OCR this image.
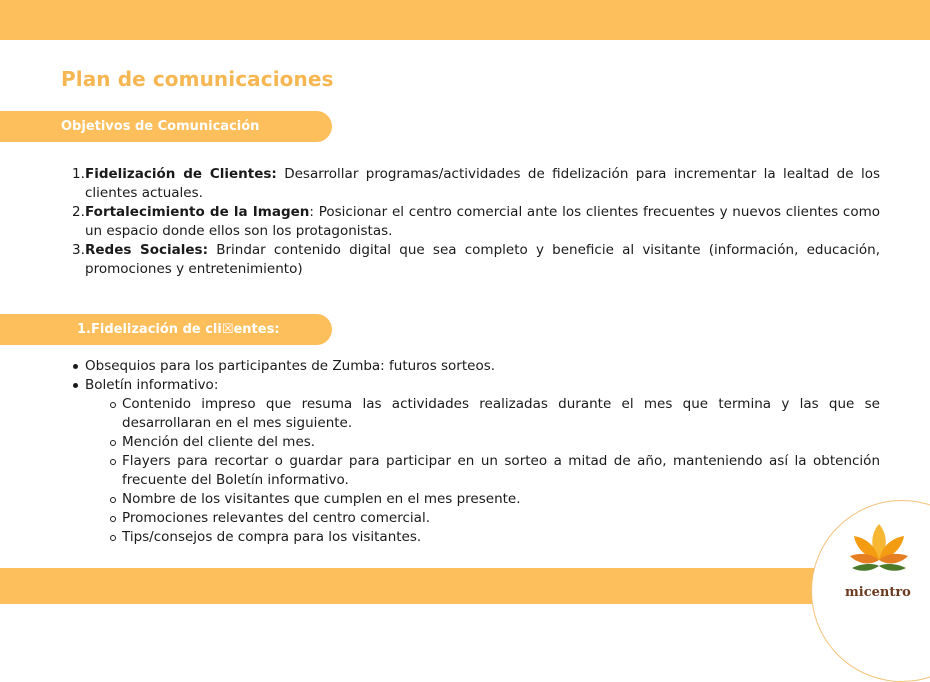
Plan de comunicaciones
Objetivos de Comunicación
1. Fidelización de Clientes: Desarrollar programas/actividades de fidelización para incrementar la lealtad de los clientes actuales.
2. Fortalecimiento de la Imagen: Posicionar el centro comercial ante los clientes frecuentes y nuevos clientes como un espacio donde ellos son los protagonistas.
3. Redes Sociales: Brindar contenido digital que sea completo y beneficie al visitante (información, educación, promociones y entretenimiento)
1.Fidelización de cli☒entes:
Obsequios para los participantes de Zumba: futuros sorteos.
Boletín informativo:
Contenido impreso que resuma las actividades realizadas durante el mes que termina y las que se desarrollaran en el mes siguiente.
Mención del cliente del mes.
Flayers para recortar o guardar para participar en un sorteo a mitad de año, manteniendo así la obtención frecuente del Boletín informativo.
Nombre de los visitantes que cumplen en el mes presente.
Promociones relevantes del centro comercial.
Tips/consejos de compra para los visitantes.
micentro
